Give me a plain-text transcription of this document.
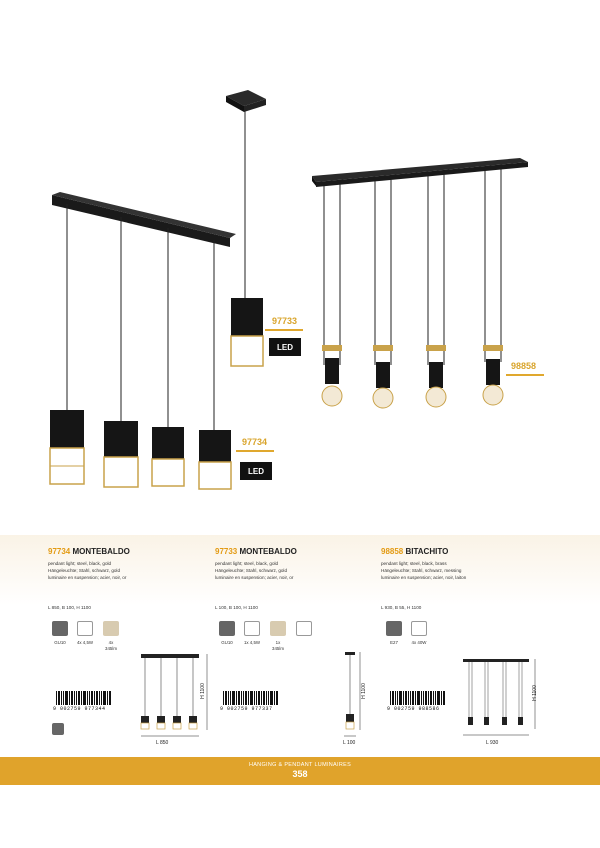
97733
LED
97734
LED
98858
97734 MONTEBALDO
pendant light; steel, black, gold
Hängeleuchte; Stahl, schwarz, gold
luminaire en suspension; acier, noir, or
97733 MONTEBALDO
pendant light; steel, black, gold
Hängeleuchte; Stahl, schwarz, gold
luminaire en suspension; acier, noir, or
98858 BITACHITO
pendant light; steel, black, brass
Hängeleuchte; Stahl, schwarz, messing
luminaire en suspension; acier, noir, laiton
L 850, B 100, H 1100	L 100, B 100, H 1100	L 930, B 55, H 1100
GU10	4x 4,5W	4x
345lm
GU10	1x 4,5W	1x
345lm
E27	4x 40W
9 002759 977344	9 002759 977337	9 002759 988586
L 850
H 1100
L 100
H 1100
L 930
H 1100
HANGING & PENDANT LUMINAIRES
358
